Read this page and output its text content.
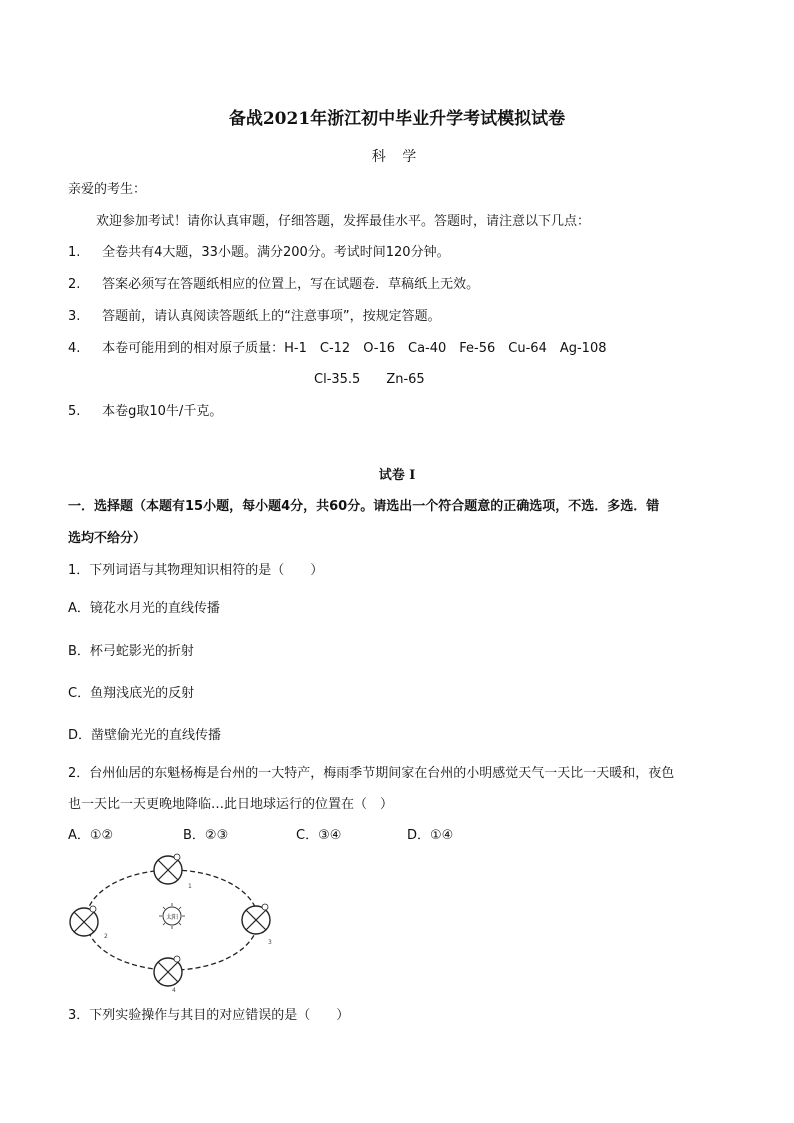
备战2021年浙江初中毕业升学考试模拟试卷
科 学
亲爱的考生：
欢迎参加考试！请你认真审题，仔细答题，发挥最佳水平。答题时，请注意以下几点：
1. 全卷共有4大题，33小题。满分200分。考试时间120分钟。
2. 答案必须写在答题纸相应的位置上，写在试题卷．草稿纸上无效。
3. 答题前，请认真阅读答题纸上的“注意事项”，按规定答题。
4. 本卷可能用到的相对原子质量：H-1　C-12　O-16　Ca-40　Fe-56　Cu-64　Ag-108
Cl-35.5　　Zn-65
5. 本卷g取10牛/千克。
试卷 I
一．选择题（本题有15小题，每小题4分，共60分。请选出一个符合题意的正确选项，不选．多选．错
选均不给分）
1．下列词语与其物理知识相符的是（　　）
A．镜花水月光的直线传播
B．杯弓蛇影光的折射
C．鱼翔浅底光的反射
D．凿壁偷光光的直线传播
2．台州仙居的东魁杨梅是台州的一大特产，梅雨季节期间家在台州的小明感觉天气一天比一天暖和，夜色
也一天比一天更晚地降临…此日地球运行的位置在（　）
A．①②	B．②③	C．③④	D．①④
太阳
1
2
3
4
3．下列实验操作与其目的对应错误的是（　　）
